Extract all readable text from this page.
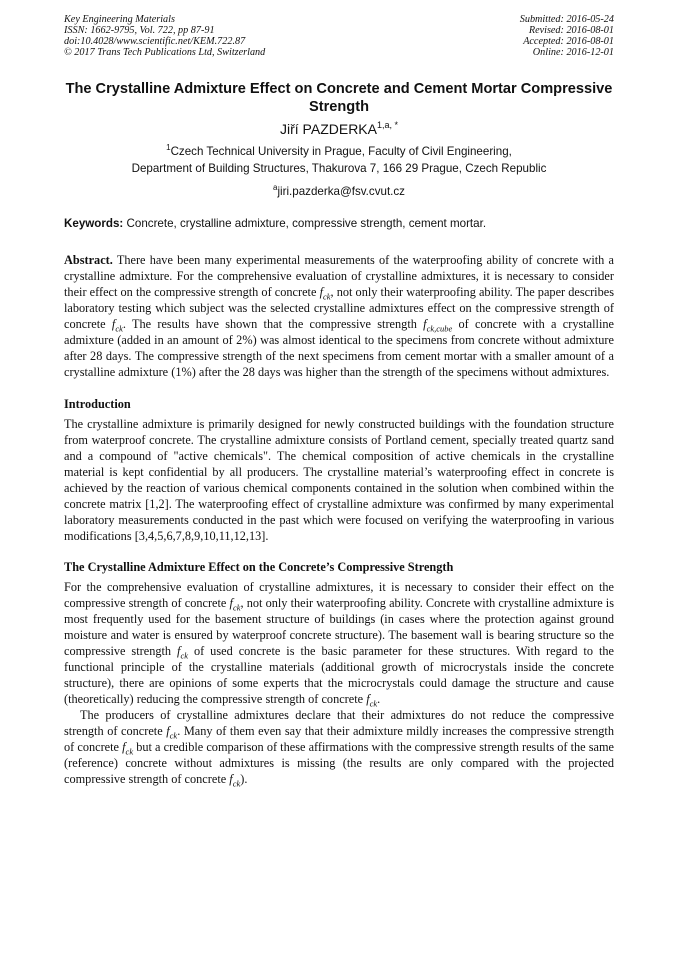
Key Engineering Materials
ISSN: 1662-9795, Vol. 722, pp 87-91
doi:10.4028/www.scientific.net/KEM.722.87
© 2017 Trans Tech Publications Ltd, Switzerland
Submitted: 2016-05-24
Revised: 2016-08-01
Accepted: 2016-08-01
Online: 2016-12-01
The Crystalline Admixture Effect on Concrete and Cement Mortar Compressive Strength
Jiří $PAZDERKA^{1,a, *}$
$^1$Czech Technical University in Prague, Faculty of Civil Engineering,
Department of Building Structures, Thakurova 7, 166 29 Prague, Czech Republic
$^a$jiri.pazderka@fsv.cvut.cz
Keywords: Concrete, crystalline admixture, compressive strength, cement mortar.
Abstract. There have been many experimental measurements of the waterproofing ability of concrete with a crystalline admixture. For the comprehensive evaluation of crystalline admixtures, it is necessary to consider their effect on the compressive strength of concrete $f_{ck}$, not only their waterproofing ability. The paper describes laboratory testing which subject was the selected crystalline admixtures effect on the compressive strength of concrete $f_{ck}$. The results have shown that the compressive strength $f_{ck,cube}$ of concrete with a crystalline admixture (added in an amount of 2%) was almost identical to the specimens from concrete without admixture after 28 days. The compressive strength of the next specimens from cement mortar with a smaller amount of a crystalline admixture (1%) after the 28 days was higher than the strength of the specimens without admixtures.
Introduction
The crystalline admixture is primarily designed for newly constructed buildings with the foundation structure from waterproof concrete. The crystalline admixture consists of Portland cement, specially treated quartz sand and a compound of "active chemicals". The chemical composition of active chemicals in the crystalline material is kept confidential by all producers. The crystalline material’s waterproofing effect in concrete is achieved by the reaction of various chemical components contained in the solution when combined within the concrete matrix [1,2]. The waterproofing effect of crystalline admixture was confirmed by many experimental laboratory measurements conducted in the past which were focused on verifying the waterproofing in various modifications [3,4,5,6,7,8,9,10,11,12,13].
The Crystalline Admixture Effect on the Concrete’s Compressive Strength
For the comprehensive evaluation of crystalline admixtures, it is necessary to consider their effect on the compressive strength of concrete $f_{ck}$, not only their waterproofing ability. Concrete with crystalline admixture is most frequently used for the basement structure of buildings (in cases where the protection against ground moisture and water is ensured by waterproof concrete structure). The basement wall is bearing structure so the compressive strength $f_{ck}$ of used concrete is the basic parameter for these structures. With regard to the functional principle of the crystalline materials (additional growth of microcrystals inside the concrete structure), there are opinions of some experts that the microcrystals could damage the structure and cause (theoretically) reducing the compressive strength of concrete $f_{ck}$.
The producers of crystalline admixtures declare that their admixtures do not reduce the compressive strength of concrete $f_{ck}$. Many of them even say that their admixture mildly increases the compressive strength of concrete $f_{ck}$ but a credible comparison of these affirmations with the compressive strength results of the same (reference) concrete without admixtures is missing (the results are only compared with the projected compressive strength of concrete $f_{ck}$).
